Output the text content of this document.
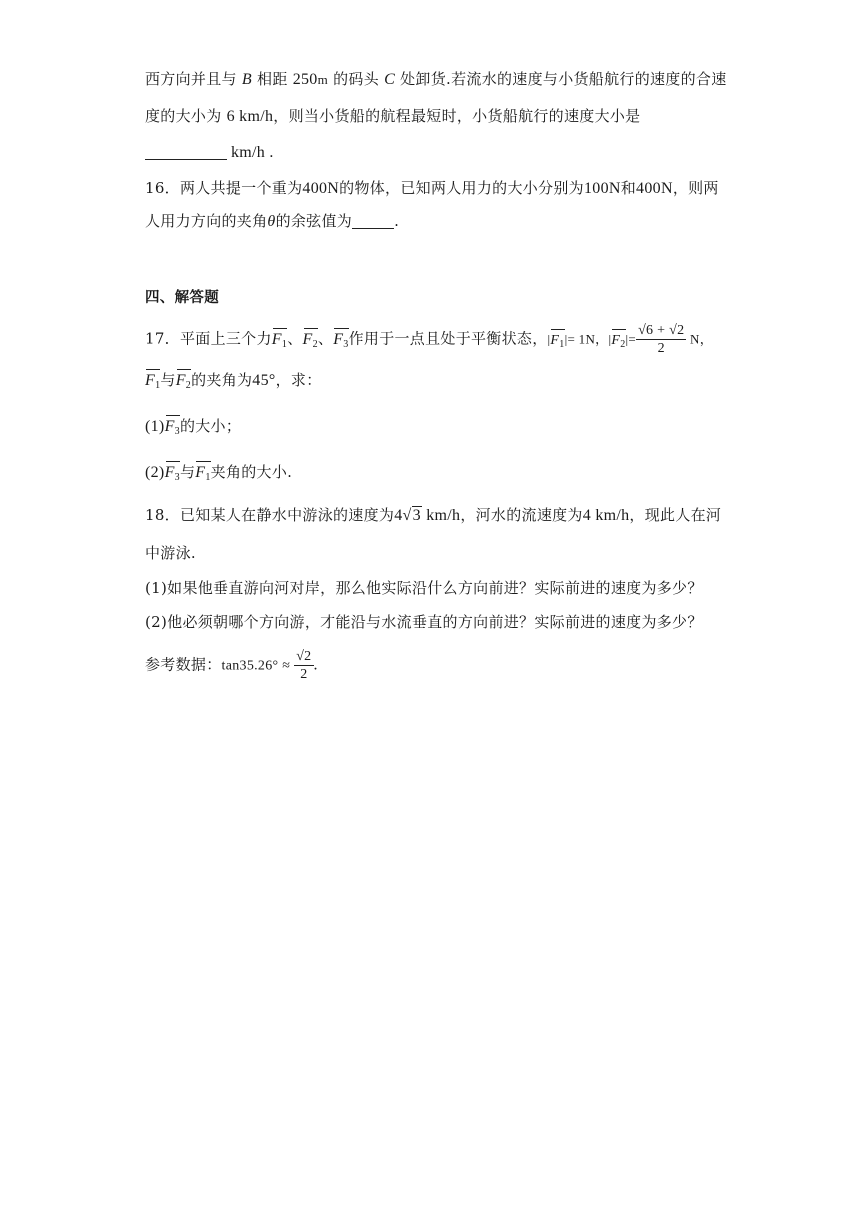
西方向并且与 B 相距 250m 的码头 C 处卸货.若流水的速度与小货船航行的速度的合速
度的大小为 6 km/h，则当小货船的航程最短时，小货船航行的速度大小是
km/h .
16．两人共提一个重为400N的物体，已知两人用力的大小分别为100N和400N，则两
人用力方向的夹角θ的余弦值为	.
四、解答题
17．平面上三个力$F_1$、$F_2$、$F_3$作用于一点且处于平衡状态，$|F_1|= 1N$，$|F_2|= \frac{√6 + √2}{2}$ N，
$F_1$与$F_2$的夹角为45°，求：
$(1)F_3$的大小；
$(2)F_3$与$F_1$夹角的大小.
18．已知某人在静水中游泳的速度为4√3 km/h，河水的流速度为4 km/h，现此人在河
中游泳.
(1)如果他垂直游向河对岸，那么他实际沿什么方向前进？实际前进的速度为多少？
(2)他必须朝哪个方向游，才能沿与水流垂直的方向前进？实际前进的速度为多少？
参考数据：$\tan 35.26^\circ \approx \frac{√2}{2}$ .
